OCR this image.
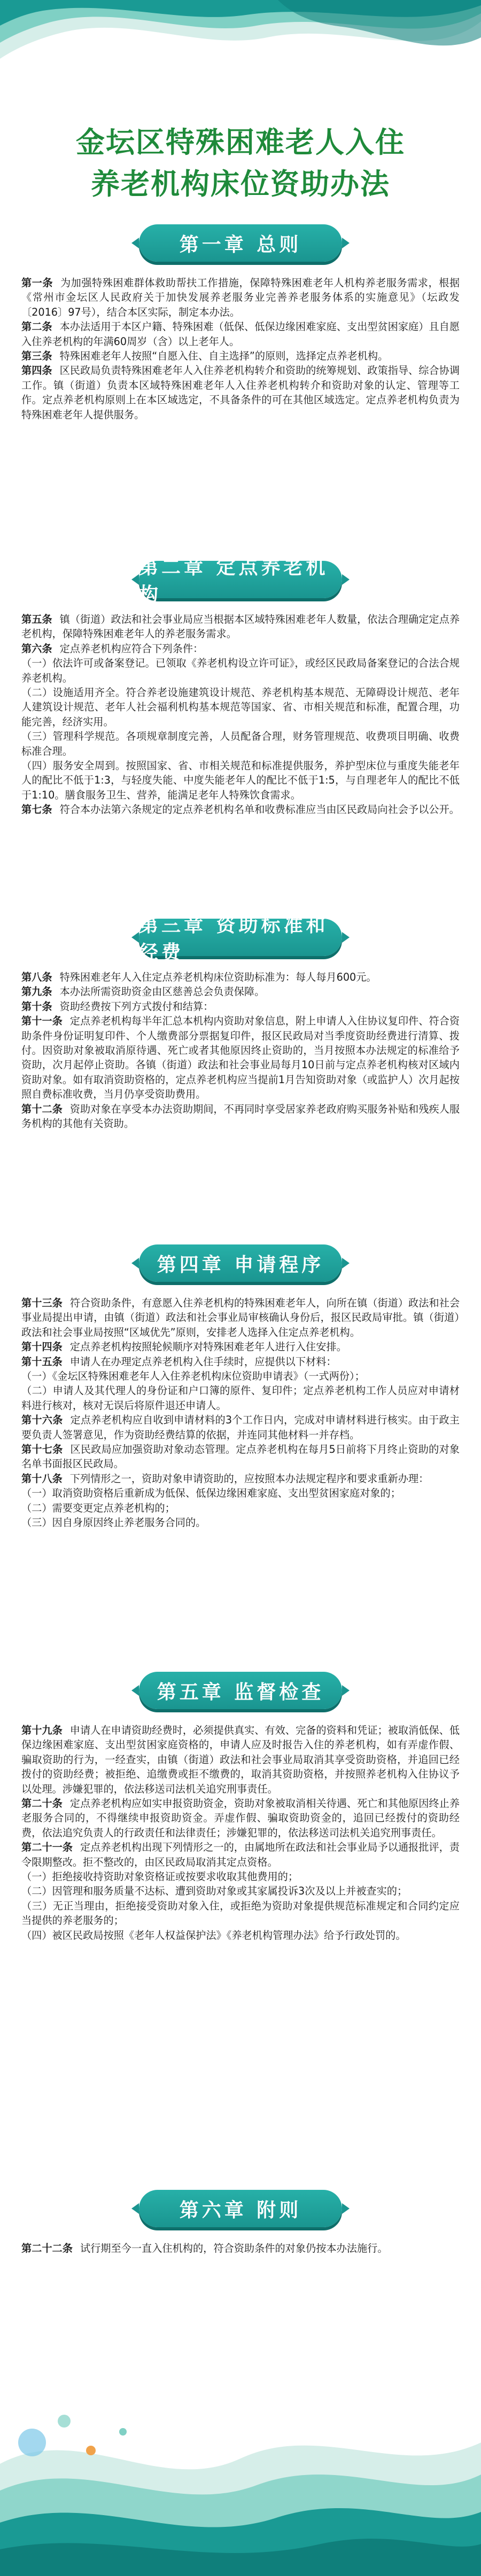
金坛区特殊困难老人入住
养老机构床位资助办法
第一章 总则

第一条 为加强特殊困难群体救助帮扶工作措施，保障特殊困难老年人机构养老服务需求，根据《常州市金坛区人民政府关于加快发展养老服务业完善养老服务体系的实施意见》（坛政发〔2016〕97号），结合本区实际，制定本办法。

第二条 本办法适用于本区户籍、特殊困难（低保、低保边缘困难家庭、支出型贫困家庭）且自愿入住养老机构的年满60周岁（含）以上老年人。

第三条 特殊困难老年人按照“自愿入住、自主选择”的原则，选择定点养老机构。

第四条 区民政局负责特殊困难老年人入住养老机构转介和资助的统筹规划、政策指导、综合协调工作。镇（街道）负责本区域特殊困难老年人入住养老机构转介和资助对象的认定、管理等工作。定点养老机构原则上在本区域选定，不具备条件的可在其他区域选定。定点养老机构负责为特殊困难老年人提供服务。

第二章 定点养老机构

第五条 镇（街道）政法和社会事业局应当根据本区域特殊困难老年人数量，依法合理确定定点养老机构，保障特殊困难老年人的养老服务需求。

第六条 定点养老机构应符合下列条件：

（一）依法许可或备案登记。已领取《养老机构设立许可证》，或经区民政局备案登记的合法合规养老机构。

（二）设施适用齐全。符合养老设施建筑设计规范、养老机构基本规范、无障碍设计规范、老年人建筑设计规范、老年人社会福利机构基本规范等国家、省、市相关规范和标准，配置合理，功能完善，经济实用。

（三）管理科学规范。各项规章制度完善，人员配备合理，财务管理规范、收费项目明确、收费标准合理。

（四）服务安全周到。按照国家、省、市相关规范和标准提供服务，养护型床位与重度失能老年人的配比不低于1:3，与轻度失能、中度失能老年人的配比不低于1:5，与自理老年人的配比不低于1:10。膳食服务卫生、营养，能满足老年人特殊饮食需求。

第七条 符合本办法第六条规定的定点养老机构名单和收费标准应当由区民政局向社会予以公开。

第三章 资助标准和经费

第八条 特殊困难老年人入住定点养老机构床位资助标准为：每人每月600元。

第九条 本办法所需资助资金由区慈善总会负责保障。

第十条 资助经费按下列方式拨付和结算：

第十一条 定点养老机构每半年汇总本机构内资助对象信息，附上申请人入住协议复印件、符合资助条件身份证明复印件、个人缴费部分票据复印件，报区民政局对当季度资助经费进行清算、拨付。因资助对象被取消原待遇、死亡或者其他原因终止资助的，当月按照本办法规定的标准给予资助，次月起停止资助。各镇（街道）政法和社会事业局每月10日前与定点养老机构核对区域内资助对象。如有取消资助资格的，定点养老机构应当提前1月告知资助对象（或监护人）次月起按照自费标准收费，当月仍享受资助费用。

第十二条 资助对象在享受本办法资助期间，不再同时享受居家养老政府购买服务补贴和残疾人服务机构的其他有关资助。

第四章 申请程序

第十三条 符合资助条件，有意愿入住养老机构的特殊困难老年人，向所在镇（街道）政法和社会事业局提出申请，由镇（街道）政法和社会事业局审核确认身份后，报区民政局审批。镇（街道）政法和社会事业局按照“区域优先”原则，安排老人选择入住定点养老机构。

第十四条 定点养老机构按照轮候顺序对特殊困难老年人进行入住安排。

第十五条 申请人在办理定点养老机构入住手续时，应提供以下材料：

（一）《金坛区特殊困难老年人入住养老机构床位资助申请表》（一式两份）；

（二）申请人及其代理人的身份证和户口簿的原件、复印件；定点养老机构工作人员应对申请材料进行核对，核对无误后将原件退还申请人。

第十六条 定点养老机构应自收到申请材料的3个工作日内，完成对申请材料进行核实。由于政主要负责人签署意见，作为资助经费结算的依据，并连同其他材料一并存档。

第十七条 区民政局应加强资助对象动态管理。定点养老机构在每月5日前将下月终止资助的对象名单书面报区民政局。

第十八条 下列情形之一，资助对象申请资助的，应按照本办法规定程序和要求重新办理：

（一）取消资助资格后重新成为低保、低保边缘困难家庭、支出型贫困家庭对象的；

（二）需要变更定点养老机构的；

（三）因自身原因终止养老服务合同的。

第五章 监督检查

第十九条 申请人在申请资助经费时，必须提供真实、有效、完备的资料和凭证；被取消低保、低保边缘困难家庭、支出型贫困家庭资格的，申请人应及时报告入住的养老机构，如有弄虚作假、骗取资助的行为，一经查实，由镇（街道）政法和社会事业局取消其享受资助资格，并追回已经拨付的资助经费；被拒绝、追缴费或拒不缴费的，取消其资助资格，并按照养老机构入住协议予以处理。涉嫌犯罪的，依法移送司法机关追究刑事责任。

第二十条 定点养老机构应如实申报资助资金，资助对象被取消相关待遇、死亡和其他原因终止养老服务合同的，不得继续申报资助资金。弄虚作假、骗取资助资金的，追回已经拨付的资助经费，依法追究负责人的行政责任和法律责任；涉嫌犯罪的，依法移送司法机关追究刑事责任。

第二十一条 定点养老机构出现下列情形之一的，由属地所在政法和社会事业局予以通报批评，责令限期整改。拒不整改的，由区民政局取消其定点资格。

（一）拒绝接收持资助对象资格证或按要求收取其他费用的；

（二）因管理和服务质量不达标、遭到资助对象或其家属投诉3次及以上并被查实的；

（三）无正当理由，拒绝接受资助对象入住，或拒绝为资助对象提供规范标准规定和合同约定应当提供的养老服务的；

（四）被区民政局按照《老年人权益保护法》《养老机构管理办法》给予行政处罚的。

第六章 附则

第二十二条 试行期至今一直入住机构的，符合资助条件的对象仍按本办法施行。
